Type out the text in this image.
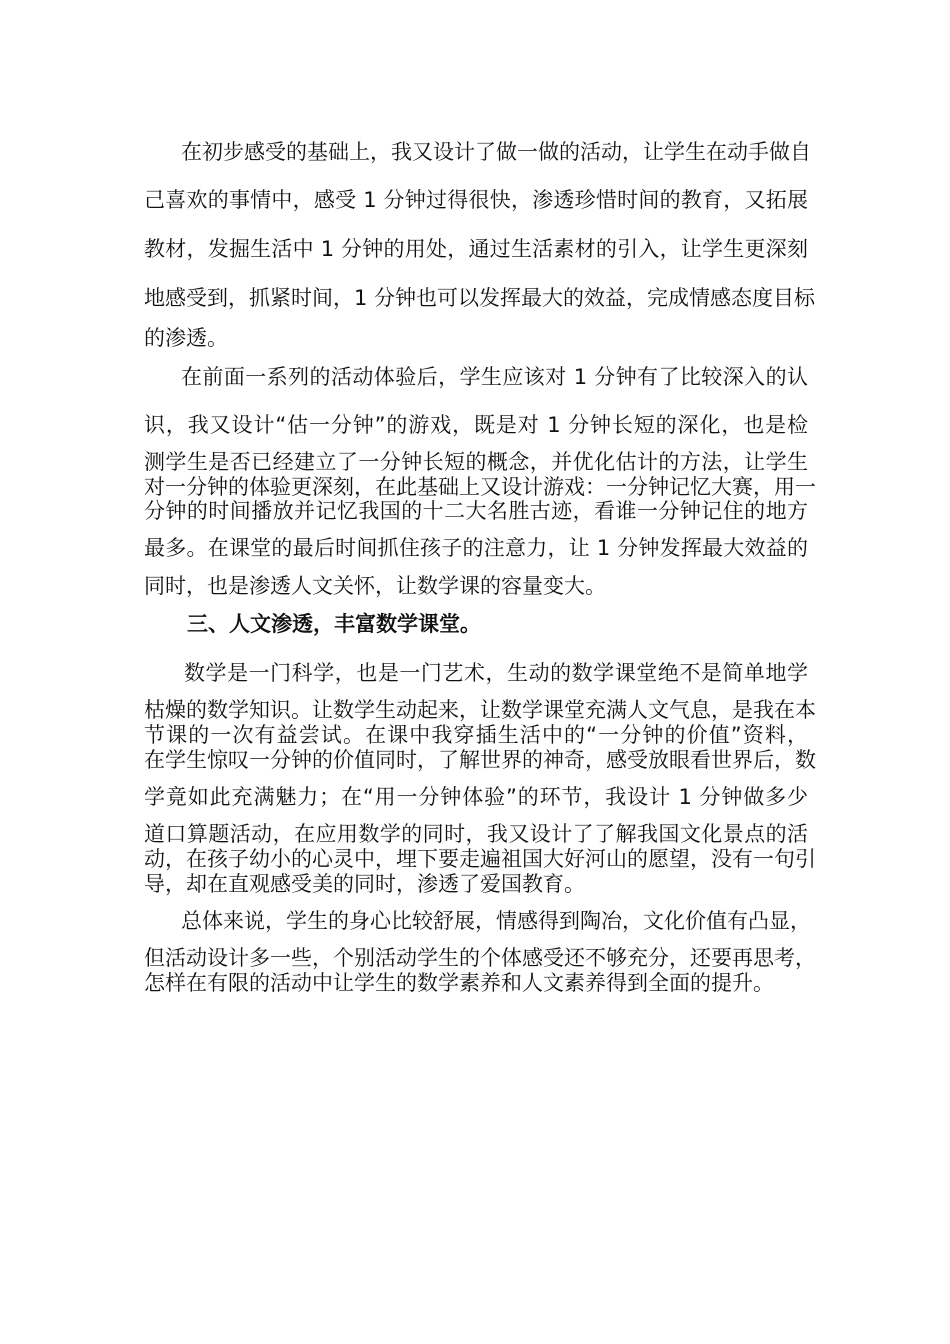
在初步感受的基础上，我又设计了做一做的活动，让学生在动手做自
己喜欢的事情中，感受 1 分钟过得很快，渗透珍惜时间的教育，又拓展
教材，发掘生活中 1 分钟的用处，通过生活素材的引入，让学生更深刻
地感受到，抓紧时间，1 分钟也可以发挥最大的效益，完成情感态度目标
的渗透。
在前面一系列的活动体验后，学生应该对 1 分钟有了比较深入的认
识，我又设计“估一分钟”的游戏，既是对 1 分钟长短的深化，也是检
测学生是否已经建立了一分钟长短的概念，并优化估计的方法，让学生
对一分钟的体验更深刻，在此基础上又设计游戏：一分钟记忆大赛，用一
分钟的时间播放并记忆我国的十二大名胜古迹，看谁一分钟记住的地方
最多。在课堂的最后时间抓住孩子的注意力，让 1 分钟发挥最大效益的
同时，也是渗透人文关怀，让数学课的容量变大。
三、人文渗透，丰富数学课堂。
数学是一门科学，也是一门艺术，生动的数学课堂绝不是简单地学
枯燥的数学知识。让数学生动起来，让数学课堂充满人文气息，是我在本
节课的一次有益尝试。在课中我穿插生活中的“一分钟的价值”资料，
在学生惊叹一分钟的价值同时，了解世界的神奇，感受放眼看世界后，数
学竟如此充满魅力；在“用一分钟体验”的环节，我设计 1 分钟做多少
道口算题活动，在应用数学的同时，我又设计了了解我国文化景点的活
动，在孩子幼小的心灵中，埋下要走遍祖国大好河山的愿望，没有一句引
导，却在直观感受美的同时，渗透了爱国教育。
总体来说，学生的身心比较舒展，情感得到陶冶，文化价值有凸显，
但活动设计多一些，个别活动学生的个体感受还不够充分，还要再思考，
怎样在有限的活动中让学生的数学素养和人文素养得到全面的提升。
